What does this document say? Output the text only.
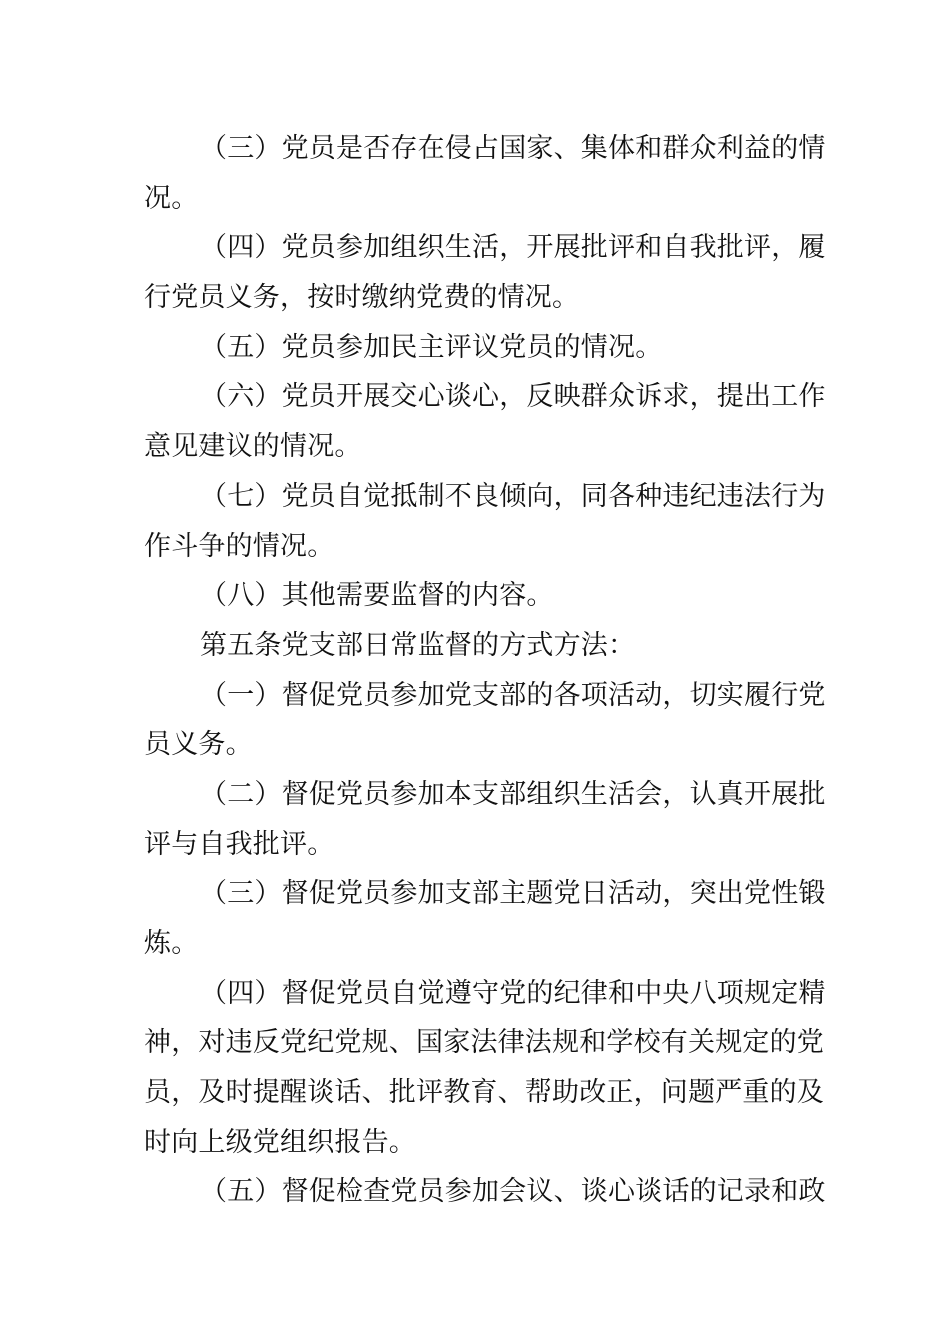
（三）党员是否存在侵占国家、集体和群众利益的情
况。
（四）党员参加组织生活，开展批评和自我批评，履
行党员义务，按时缴纳党费的情况。
（五）党员参加民主评议党员的情况。
（六）党员开展交心谈心，反映群众诉求，提出工作
意见建议的情况。
（七）党员自觉抵制不良倾向，同各种违纪违法行为
作斗争的情况。
（八）其他需要监督的内容。
第五条党支部日常监督的方式方法：
（一）督促党员参加党支部的各项活动，切实履行党
员义务。
（二）督促党员参加本支部组织生活会，认真开展批
评与自我批评。
（三）督促党员参加支部主题党日活动，突出党性锻
炼。
（四）督促党员自觉遵守党的纪律和中央八项规定精
神，对违反党纪党规、国家法律法规和学校有关规定的党
员，及时提醒谈话、批评教育、帮助改正，问题严重的及
时向上级党组织报告。
（五）督促检查党员参加会议、谈心谈话的记录和政
